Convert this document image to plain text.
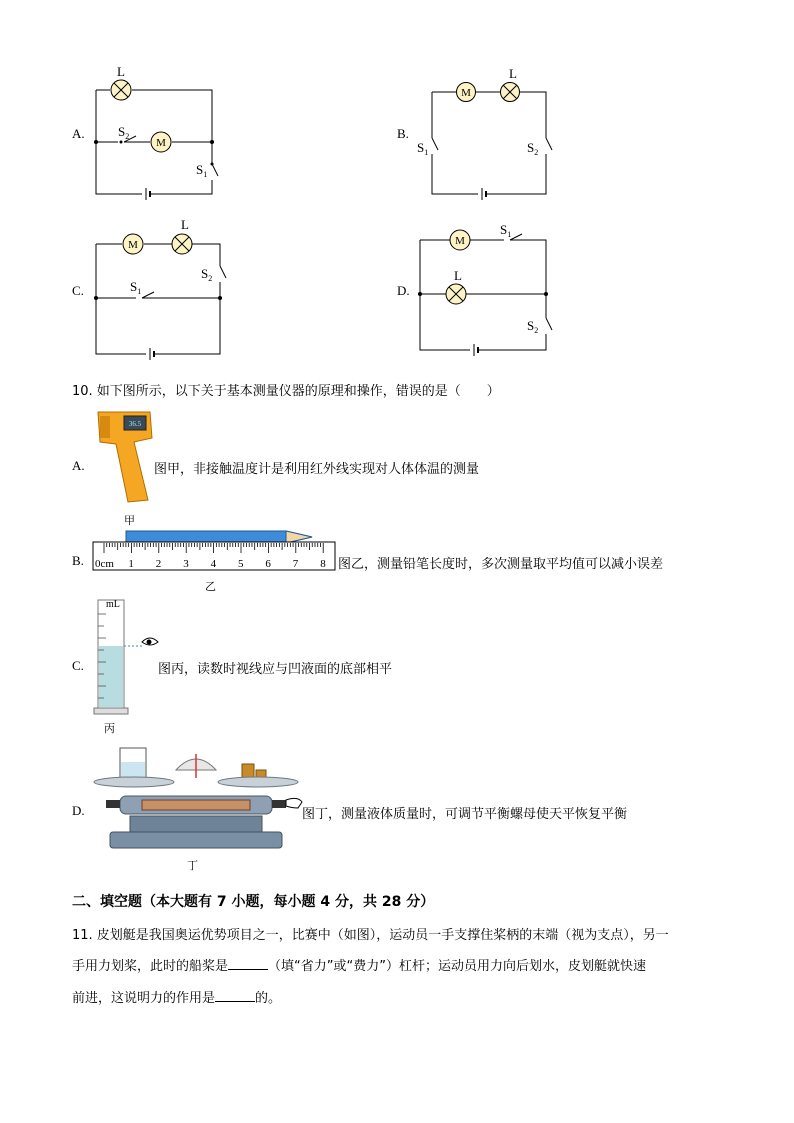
A.
M
L
$S_2$
$S_1$
B.
M
L
$S_1$	$S_2$
C.
M
L
$S_1$
$S_2$
D.
M
L
$S_1$
$S_2$
10. 如下图所示，以下关于基本测量仪器的原理和操作，错误的是（　　）
A.
36.5
图甲，非接触温度计是利用红外线实现对人体体温的测量
甲
B. 0cm 1 2 3 4 5 6 7 8 图乙，测量铅笔长度时，多次测量取平均值可以减小误差
乙
C.
mL
图丙，读数时视线应与凹液面的底部相平
丙
D.	图丁，测量液体质量时，可调节平衡螺母使天平恢复平衡
丁
二、填空题（本大题有 7 小题，每小题 4 分，共 28 分）
11. 皮划艇是我国奥运优势项目之一，比赛中（如图），运动员一手支撑住桨柄的末端（视为支点），另一
手用力划桨，此时的船桨是	（填“省力”或“费力”）杠杆；运动员用力向后划水，皮划艇就快速
前进，这说明力的作用是	的。
